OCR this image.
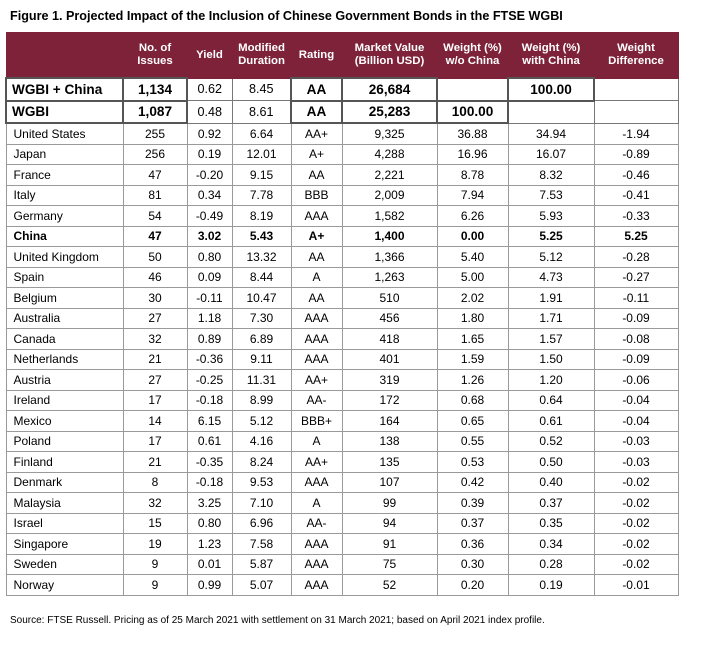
Figure 1. Projected Impact of the Inclusion of Chinese Government Bonds in the FTSE WGBI
	No. of Issues	Yield	Modified Duration	Rating	Market Value (Billion USD)	Weight (%) w/o China	Weight (%) with China	Weight Difference
WGBI + China	1,134	0.62	8.45	AA	26,684		100.00	
WGBI	1,087	0.48	8.61	AA	25,283	100.00		
United States	255	0.92	6.64	AA+	9,325	36.88	34.94	-1.94
Japan	256	0.19	12.01	A+	4,288	16.96	16.07	-0.89
France	47	-0.20	9.15	AA	2,221	8.78	8.32	-0.46
Italy	81	0.34	7.78	BBB	2,009	7.94	7.53	-0.41
Germany	54	-0.49	8.19	AAA	1,582	6.26	5.93	-0.33
China	47	3.02	5.43	A+	1,400	0.00	5.25	5.25
United Kingdom	50	0.80	13.32	AA	1,366	5.40	5.12	-0.28
Spain	46	0.09	8.44	A	1,263	5.00	4.73	-0.27
Belgium	30	-0.11	10.47	AA	510	2.02	1.91	-0.11
Australia	27	1.18	7.30	AAA	456	1.80	1.71	-0.09
Canada	32	0.89	6.89	AAA	418	1.65	1.57	-0.08
Netherlands	21	-0.36	9.11	AAA	401	1.59	1.50	-0.09
Austria	27	-0.25	11.31	AA+	319	1.26	1.20	-0.06
Ireland	17	-0.18	8.99	AA-	172	0.68	0.64	-0.04
Mexico	14	6.15	5.12	BBB+	164	0.65	0.61	-0.04
Poland	17	0.61	4.16	A	138	0.55	0.52	-0.03
Finland	21	-0.35	8.24	AA+	135	0.53	0.50	-0.03
Denmark	8	-0.18	9.53	AAA	107	0.42	0.40	-0.02
Malaysia	32	3.25	7.10	A	99	0.39	0.37	-0.02
Israel	15	0.80	6.96	AA-	94	0.37	0.35	-0.02
Singapore	19	1.23	7.58	AAA	91	0.36	0.34	-0.02
Sweden	9	0.01	5.87	AAA	75	0.30	0.28	-0.02
Norway	9	0.99	5.07	AAA	52	0.20	0.19	-0.01
Source: FTSE Russell. Pricing as of 25 March 2021 with settlement on 31 March 2021; based on April 2021 index profile.
